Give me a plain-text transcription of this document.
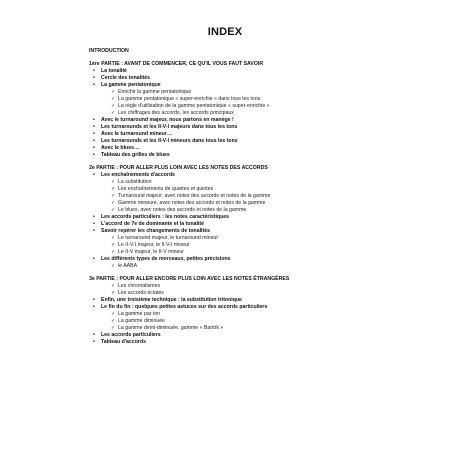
INDEX
INTRODUCTION
1ère PARTIE : AVANT DE COMMENCER, CE QU'IL VOUS FAUT SAVOIR
• La tonalité
• Cercle des tonalités
• La gamme pentatonique
✓ Enrichir la gamme pentatonique
✓ La gamme pentatonique « super-enrichie » dans tous les tons
✓ La règle d'utilisation de la gamme pentatonique « super-enrichie »
✓ Les chiffrages des accords, les accords principaux
• Avec le turnaround majeur, nous partons en manège !
• Les turnarounds et les II-V-I majeurs dans tous les tons
• Avec le turnaround mineur…
• Les turnarounds et les II-V-I mineurs dans tous les tons
• Avec le blues…
• Tableau des grilles de blues
2e PARTIE : POUR ALLER PLUS LOIN AVEC LES NOTES DES ACCORDS
• Les enchaînements d'accords
✓ La substitution
✓ Les enchaînements de quartes et quintes
✓ Turnaround majeur, avec notes des accords et notes de la gamme
✓ Gamme mineure, avec notes des accords et notes de la gamme
✓ Le blues, avec notes des accords et notes de la gamme
• Les accords particuliers : les notes caractéristiques
• L'accord de 7e de dominante et la tonalité
• Savoir repérer les changements de tonalités
✓ Le turnaround majeur, le turnaround mineur
✓ Le II-V-I majeur, le II-V-I mineur
✓ Le II-V majeur, le II-V mineur
• Les différents types de morceaux, petites précisions
✓ le AABA
3e PARTIE : POUR ALLER ENCORE PLUS LOIN AVEC LES NOTES ÉTRANGÈRES
✓ Les chromatismes
✓ Les accords éclatés
• Enfin, une troisième technique : la substitution tritonique
• Le fin du fin : quelques petites astuces sur des accords particuliers
✓ La gamme par ton
✓ La gamme diminuée
✓ La gamme demi-diminuée, gamme « Bartók »
• Les accords particuliers
• Tableau d'accords
